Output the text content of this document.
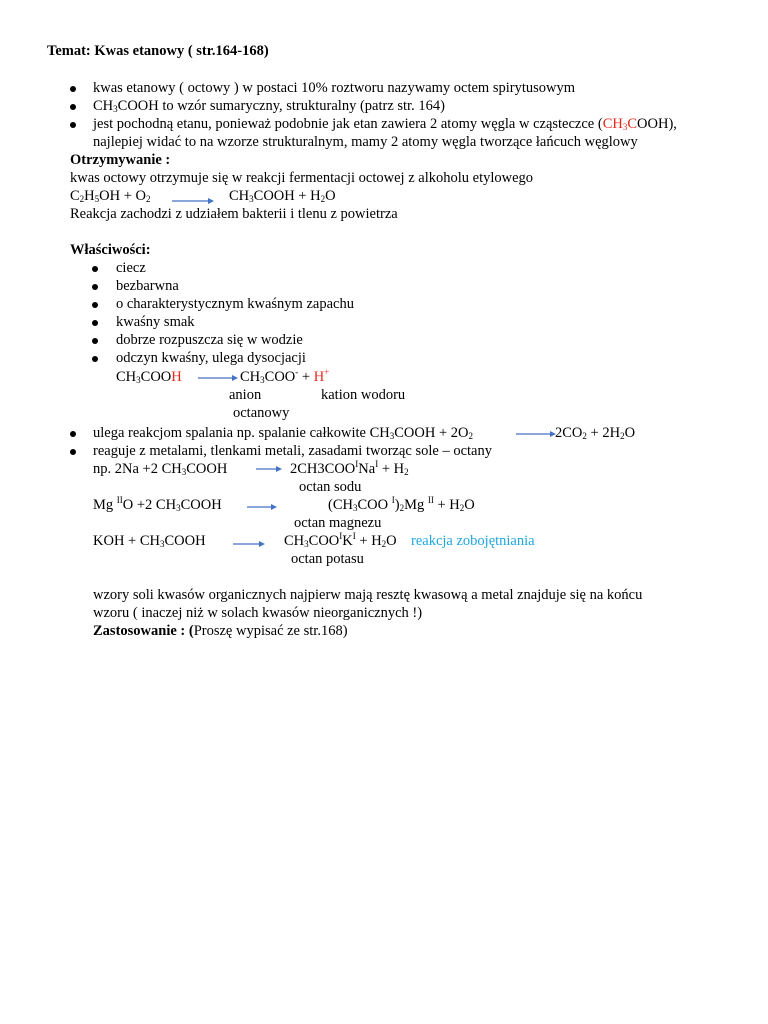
Temat: Kwas etanowy ( str.164-168)
kwas etanowy ( octowy ) w postaci 10% roztworu nazywamy octem spirytusowym
$CH_3COOH$ to wzór sumaryczny, strukturalny (patrz str. 164)
jest pochodną etanu, ponieważ podobnie jak etan zawiera 2 atomy węgla w cząsteczce $(CH_3COOH)$,
najlepiej widać to na wzorze strukturalnym, mamy 2 atomy węgla tworzące łańcuch węglowy
Otrzymywanie :
kwas octowy otrzymuje się w reakcji fermentacji octowej z alkoholu etylowego
$C_2H_5OH + O_2$ → $CH_3COOH + H_2O$
Reakcja zachodzi z udziałem bakterii i tlenu z powietrza
Właściwości:
ciecz
bezbarwna
o charakterystycznym kwaśnym zapachu
kwaśny smak
dobrze rozpuszcza się w wodzie
odczyn kwaśny, ulega dysocjacji
$CH_3COOH \to CH_3COO^- + H^+$
anion	kation wodoru
octanowy
ulega reakcjom spalania np. spalanie całkowite $CH_3COOH + 2O_2$	→ $2CO_2 + 2H_2O$
reaguje z metalami, tlenkami metali, zasadami tworząc sole – octany
np. 2Na +2 $CH_3COOH \to 2CH3COO^INa^I + H_2$
octan sodu
Mg $^{II}$O +2 $CH_3COOH$	($CH_3COO$ $^I)_2Mg$ $^{II} + H_2O$
octan magnezu
KOH + $CH_3COOH \to CH_3COO^IK^I + H_2O$ reakcja zobojętniania
octan potasu
wzory soli kwasów organicznych najpierw mają resztę kwasową a metal znajduje się na końcu
wzoru ( inaczej niż w solach kwasów nieorganicznych !)
Zastosowanie : (Proszę wypisać ze str.168)
